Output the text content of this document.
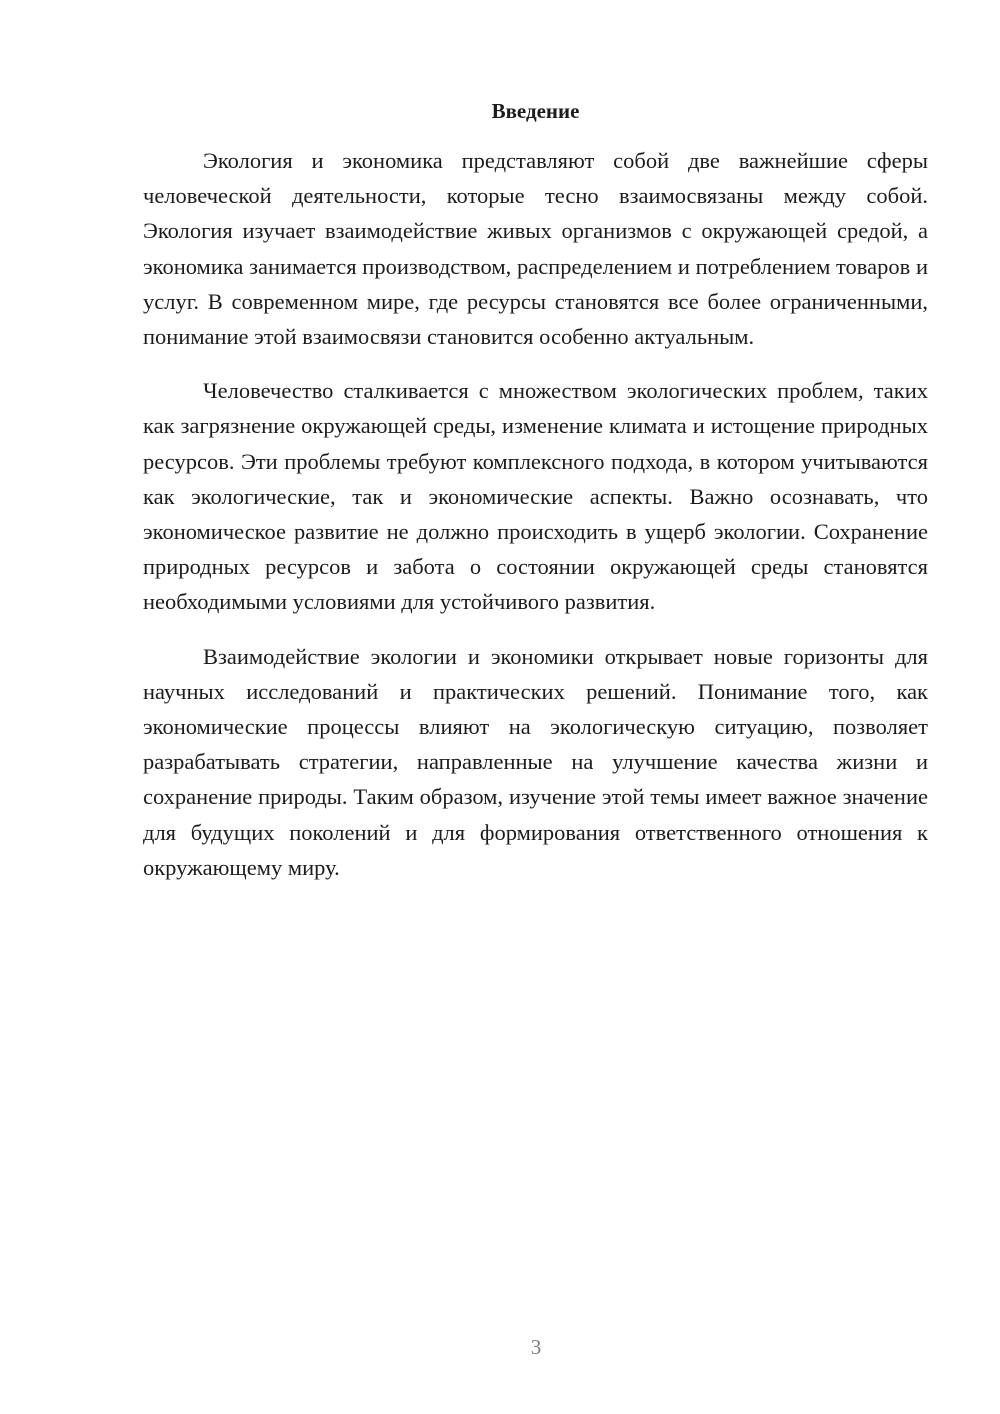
Введение

Экология и экономика представляют собой две важнейшие сферы человеческой деятельности, которые тесно взаимосвязаны между собой. Экология изучает взаимодействие живых организмов с окружающей средой, а экономика занимается производством, распределением и потреблением товаров и услуг. В современном мире, где ресурсы становятся все более ограниченными, понимание этой взаимосвязи становится особенно актуальным.

Человечество сталкивается с множеством экологических проблем, таких как загрязнение окружающей среды, изменение климата и истощение природных ресурсов. Эти проблемы требуют комплексного подхода, в котором учитываются как экологические, так и экономические аспекты. Важно осознавать, что экономическое развитие не должно происходить в ущерб экологии. Сохранение природных ресурсов и забота о состоянии окружающей среды становятся необходимыми условиями для устойчивого развития.

Взаимодействие экологии и экономики открывает новые горизонты для научных исследований и практических решений. Понимание того, как экономические процессы влияют на экологическую ситуацию, позволяет разрабатывать стратегии, направленные на улучшение качества жизни и сохранение природы. Таким образом, изучение этой темы имеет важное значение для будущих поколений и для формирования ответственного отношения к окружающему миру.

3
